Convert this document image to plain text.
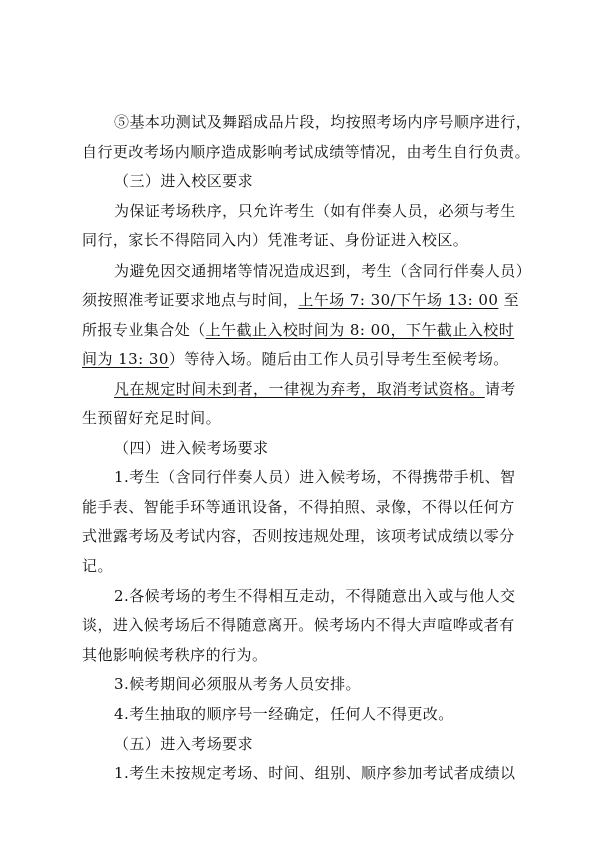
⑤基本功测试及舞蹈成品片段，均按照考场内序号顺序进行，
自行更改考场内顺序造成影响考试成绩等情况，由考生自行负责。
（三）进入校区要求
为保证考场秩序，只允许考生（如有伴奏人员，必须与考生
同行，家长不得陪同入内）凭准考证、身份证进入校区。
为避免因交通拥堵等情况造成迟到，考生（含同行伴奏人员）
须按照准考证要求地点与时间，上午场 7: 30/下午场 13: 00 至
所报专业集合处（上午截止入校时间为 8: 00，下午截止入校时
间为 13: 30）等待入场。随后由工作人员引导考生至候考场。
凡在规定时间未到者，一律视为弃考，取消考试资格。请考
生预留好充足时间。
（四）进入候考场要求
1.考生（含同行伴奏人员）进入候考场，不得携带手机、智
能手表、智能手环等通讯设备，不得拍照、录像，不得以任何方
式泄露考场及考试内容，否则按违规处理，该项考试成绩以零分
记。
2.各候考场的考生不得相互走动，不得随意出入或与他人交
谈，进入候考场后不得随意离开。候考场内不得大声喧哗或者有
其他影响候考秩序的行为。
3.候考期间必须服从考务人员安排。
4.考生抽取的顺序号一经确定，任何人不得更改。
（五）进入考场要求
1.考生未按规定考场、时间、组别、顺序参加考试者成绩以
